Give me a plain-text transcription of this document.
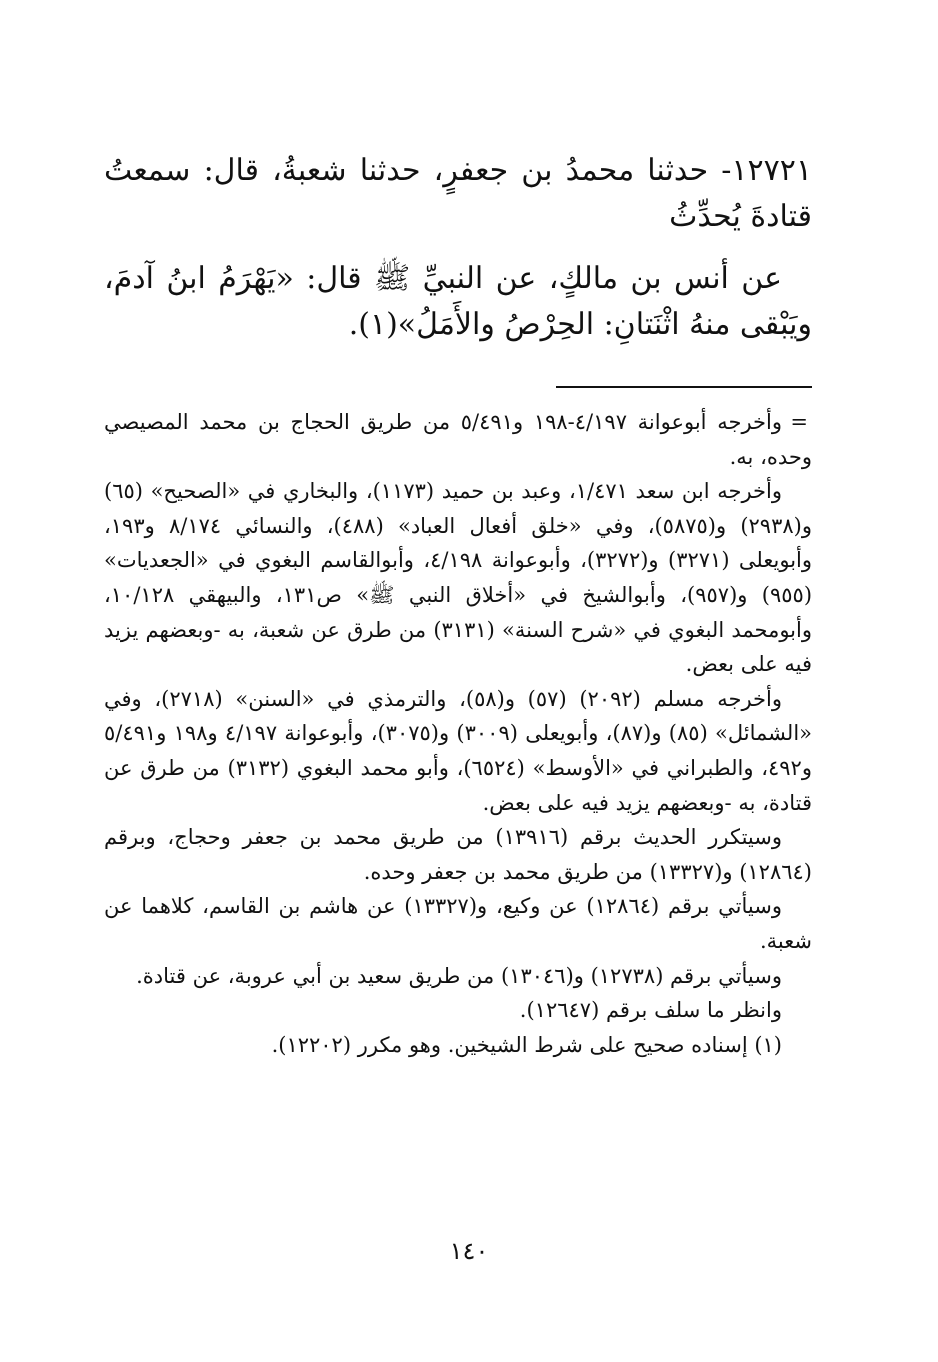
١٢٧٢١- حدثنا محمدُ بن جعفرٍ، حدثنا شعبةُ، قال: سمعتُ قتادةَ يُحدِّثُ

عن أنس بن مالكٍ، عن النبيِّ ﷺ قال: «يَهْرَمُ ابنُ آدمَ، ويَبْقى منهُ اثْنَتانِ: الحِرْصُ والأَمَلُ»(١).

=
وأخرجه أبوعوانة ٤/١٩٧-١٩٨ و٥/٤٩١ من طريق الحجاج بن محمد المصيصي وحده، به.

وأخرجه ابن سعد ١/٤٧١، وعبد بن حميد (١١٧٣)، والبخاري في «الصحيح» (٦٥) و(٢٩٣٨) و(٥٨٧٥)، وفي «خلق أفعال العباد» (٤٨٨)، والنسائي ٨/١٧٤ و١٩٣، وأبويعلى (٣٢٧١) و(٣٢٧٢)، وأبوعوانة ٤/١٩٨، وأبوالقاسم البغوي في «الجعديات» (٩٥٥) و(٩٥٧)، وأبوالشيخ في «أخلاق النبي ﷺ» ص١٣١، والبيهقي ١٠/١٢٨، وأبومحمد البغوي في «شرح السنة» (٣١٣١) من طرق عن شعبة، به -وبعضهم يزيد فيه على بعض.

وأخرجه مسلم (٢٠٩٢) (٥٧) و(٥٨)، والترمذي في «السنن» (٢٧١٨)، وفي «الشمائل» (٨٥) و(٨٧)، وأبويعلى (٣٠٠٩) و(٣٠٧٥)، وأبوعوانة ٤/١٩٧ و١٩٨ و٥/٤٩١ و٤٩٢، والطبراني في «الأوسط» (٦٥٢٤)، وأبو محمد البغوي (٣١٣٢) من طرق عن قتادة، به -وبعضهم يزيد فيه على بعض.

وسيتكرر الحديث برقم (١٣٩١٦) من طريق محمد بن جعفر وحجاج، وبرقم (١٢٨٦٤) و(١٣٣٢٧) من طريق محمد بن جعفر وحده.

وسيأتي برقم (١٢٨٦٤) عن وكيع، و(١٣٣٢٧) عن هاشم بن القاسم، كلاهما عن شعبة.

وسيأتي برقم (١٢٧٣٨) و(١٣٠٤٦) من طريق سعيد بن أبي عروبة، عن قتادة.

وانظر ما سلف برقم (١٢٦٤٧).

(١) إسناده صحيح على شرط الشيخين. وهو مكرر (١٢٢٠٢).

١٤٠
